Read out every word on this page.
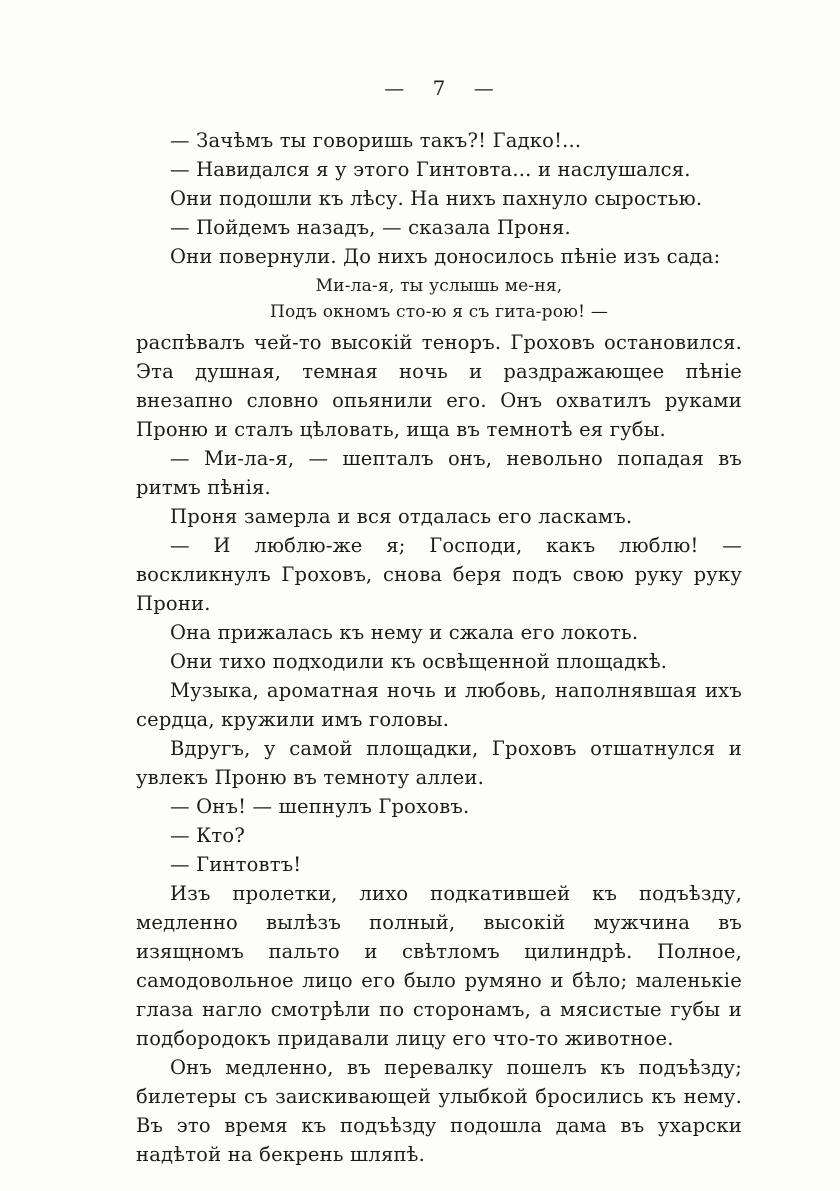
— 7 —

— Зачѣмъ ты говоришь такъ?! Гадко!...

— Навидался я у этого Гинтовта... и наслушался.

Они подошли къ лѣсу. На нихъ пахнуло сыростью.

— Пойдемъ назадъ, — сказала Проня.

Они повернули. До нихъ доносилось пѣніе изъ сада:

Ми-ла-я, ты услышь ме-ня,
Подъ окномъ сто-ю я съ гита-рою! —

распѣвалъ чей-то высокій теноръ. Гроховъ остановился. Эта душная, темная ночь и раздражающее пѣніе внезапно словно опьянили его. Онъ охватилъ руками Проню и сталъ цѣловать, ища въ темнотѣ ея губы.

— Ми-ла-я, — шепталъ онъ, невольно попадая въ ритмъ пѣнія.

Проня замерла и вся отдалась его ласкамъ.

— И люблю-же я; Господи, какъ люблю! — воскликнулъ Гроховъ, снова беря подъ свою руку руку Прони.

Она прижалась къ нему и сжала его локоть.

Они тихо подходили къ освѣщенной площадкѣ.

Музыка, ароматная ночь и любовь, наполнявшая ихъ сердца, кружили имъ головы.

Вдругъ, у самой площадки, Гроховъ отшатнулся и увлекъ Проню въ темноту аллеи.

— Онъ! — шепнулъ Гроховъ.

— Кто?

— Гинтовтъ!

Изъ пролетки, лихо подкатившей къ подъѣзду, медленно вылѣзъ полный, высокій мужчина въ изящномъ пальто и свѣтломъ цилиндрѣ. Полное, самодовольное лицо его было румяно и бѣло; маленькіе глаза нагло смотрѣли по сторонамъ, а мясистые губы и подбородокъ придавали лицу его что-то животное.

Онъ медленно, въ перевалку пошелъ къ подъѣзду; билетеры съ заискивающей улыбкой бросились къ нему. Въ это время къ подъѣзду подошла дама въ ухарски надѣтой на бекрень шляпѣ.
